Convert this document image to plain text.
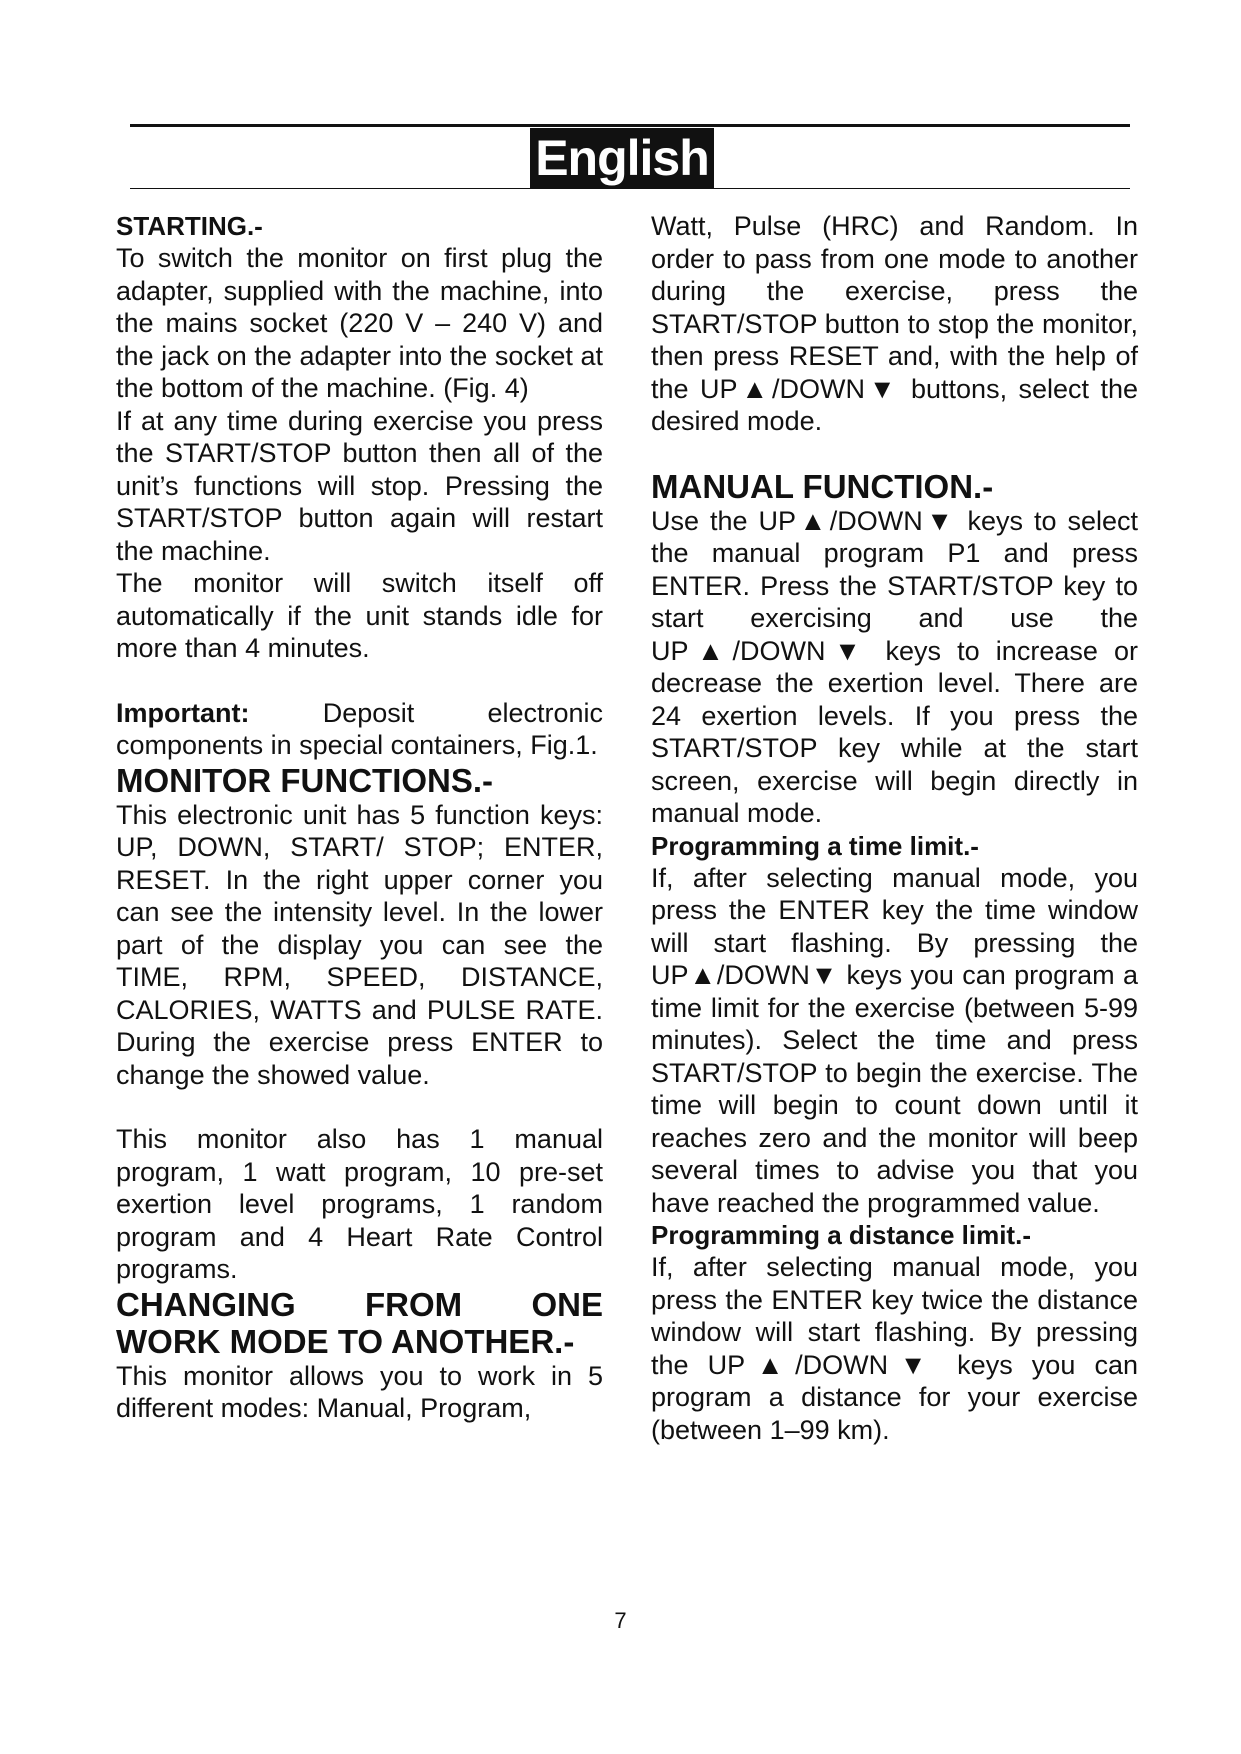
English
STARTING.-

To switch the monitor on first plug the adapter, supplied with the machine, into the mains socket (220 V – 240 V) and the jack on the adapter into the socket at the bottom of the machine. (Fig. 4)

If at any time during exercise you press the START/STOP button then all of the unit’s functions will stop. Pressing the START/STOP button again will restart the machine.

The monitor will switch itself off automatically if the unit stands idle for more than 4 minutes.

Important: Deposit electronic components in special containers, Fig.1.

MONITOR FUNCTIONS.-

This electronic unit has 5 function keys: UP, DOWN, START/ STOP; ENTER, RESET. In the right upper corner you can see the intensity level. In the lower part of the display you can see the TIME, RPM, SPEED, DISTANCE, CALORIES, WATTS and PULSE RATE. During the exercise press ENTER to change the showed value.

This monitor also has 1 manual program, 1 watt program, 10 pre-set exertion level programs, 1 random program and 4 Heart Rate Control programs.

CHANGING FROM ONE
WORK MODE TO ANOTHER.-

This monitor allows you to work in 5 different modes: Manual, Program,

Watt, Pulse (HRC) and Random. In order to pass from one mode to another during the exercise, press the START/STOP button to stop the monitor, then press RESET and, with the help of the UP▲/DOWN▼ buttons, select the desired mode.

MANUAL FUNCTION.-

Use the UP▲/DOWN▼ keys to select the manual program P1 and press ENTER. Press the START/STOP key to start exercising and use the UP▲/DOWN▼ keys to increase or decrease the exertion level. There are 24 exertion levels. If you press the START/STOP key while at the start screen, exercise will begin directly in manual mode.

Programming a time limit.-

If, after selecting manual mode, you press the ENTER key the time window will start flashing. By pressing the UP▲/DOWN▼ keys you can program a time limit for the exercise (between 5-99 minutes). Select the time and press START/STOP to begin the exercise. The time will begin to count down until it reaches zero and the monitor will beep several times to advise you that you have reached the programmed value.

Programming a distance limit.-

If, after selecting manual mode, you press the ENTER key twice the distance window will start flashing. By pressing the UP▲/DOWN▼ keys you can program a distance for your exercise (between 1–99 km).

7
